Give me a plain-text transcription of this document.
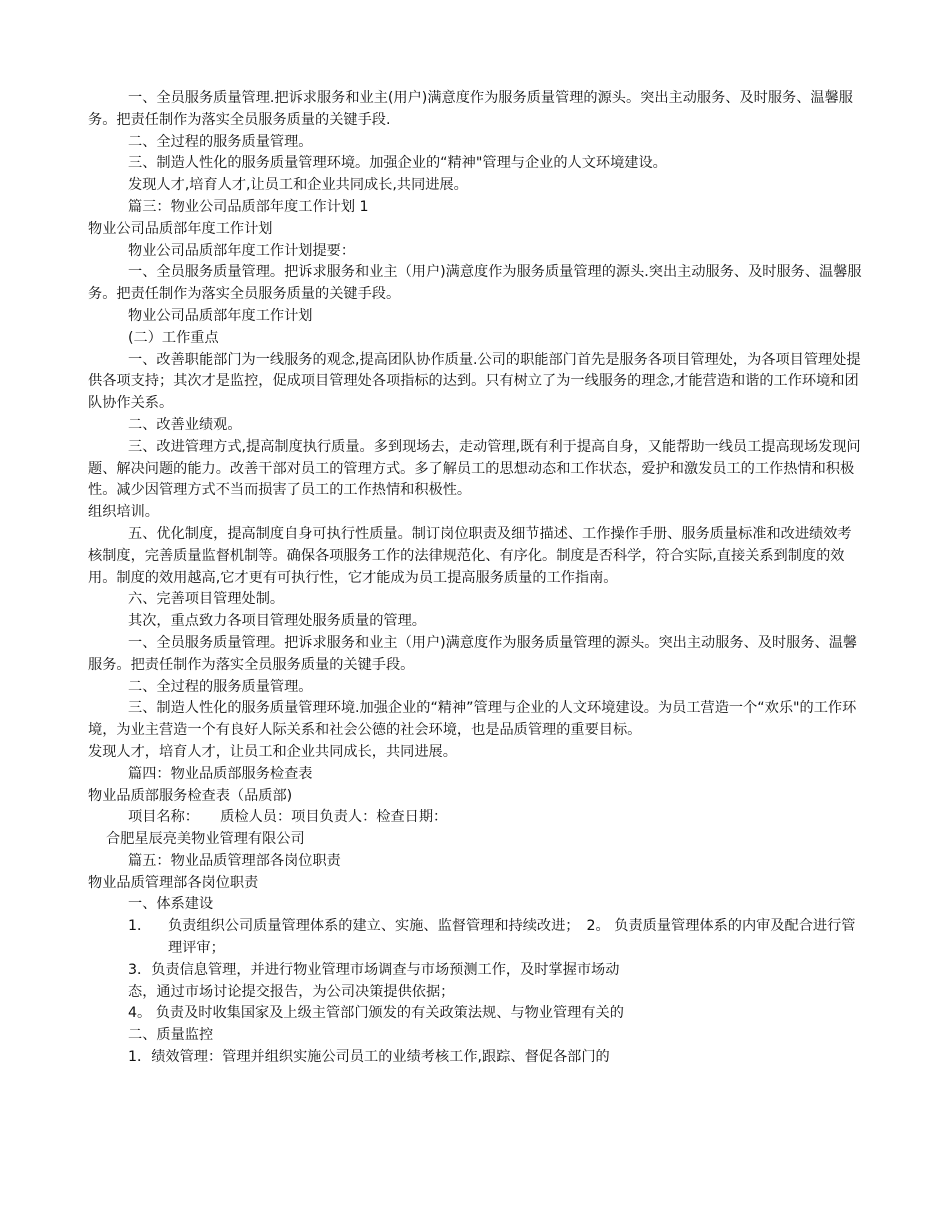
一、全员服务质量管理.把诉求服务和业主(用户)满意度作为服务质量管理的源头。突出主动服务、及时服务、温馨服务。把责任制作为落实全员服务质量的关键手段.

二、全过程的服务质量管理。

三、制造人性化的服务质量管理环境。加强企业的“精神"管理与企业的人文环境建设。

发现人才,培育人才,让员工和企业共同成长,共同进展。

篇三：物业公司品质部年度工作计划 1

物业公司品质部年度工作计划

物业公司品质部年度工作计划提要：

一、全员服务质量管理。把诉求服务和业主（用户)满意度作为服务质量管理的源头.突出主动服务、及时服务、温馨服务。把责任制作为落实全员服务质量的关键手段。

物业公司品质部年度工作计划

(二）工作重点

一、改善职能部门为一线服务的观念,提高团队协作质量.公司的职能部门首先是服务各项目管理处，为各项目管理处提供各项支持；其次才是监控，促成项目管理处各项指标的达到。只有树立了为一线服务的理念,才能营造和谐的工作环境和团队协作关系。

二、改善业绩观。

三、改进管理方式,提高制度执行质量。多到现场去，走动管理,既有利于提高自身，又能帮助一线员工提高现场发现问题、解决问题的能力。改善干部对员工的管理方式。多了解员工的思想动态和工作状态，爱护和激发员工的工作热情和积极性。减少因管理方式不当而损害了员工的工作热情和积极性。

组织培训。

五、优化制度，提高制度自身可执行性质量。制订岗位职责及细节描述、工作操作手册、服务质量标准和改进绩效考核制度，完善质量监督机制等。确保各项服务工作的法律规范化、有序化。制度是否科学，符合实际,直接关系到制度的效用。制度的效用越高,它才更有可执行性，它才能成为员工提高服务质量的工作指南。

六、完善项目管理处制。

其次，重点致力各项目管理处服务质量的管理。

一、全员服务质量管理。把诉求服务和业主（用户)满意度作为服务质量管理的源头。突出主动服务、及时服务、温馨服务。把责任制作为落实全员服务质量的关键手段。

二、全过程的服务质量管理。

三、制造人性化的服务质量管理环境.加强企业的“精神”管理与企业的人文环境建设。为员工营造一个“欢乐"的工作环境，为业主营造一个有良好人际关系和社会公德的社会环境，也是品质管理的重要目标。

发现人才，培育人才，让员工和企业共同成长，共同进展。

篇四：物业品质部服务检查表

物业品质部服务检查表（品质部)

项目名称：　　质检人员：项目负责人：检查日期：

合肥星辰亮美物业管理有限公司

篇五：物业品质管理部各岗位职责

物业品质管理部各岗位职责

一、体系建设

1．	负责组织公司质量管理体系的建立、实施、监督管理和持续改进；　2。 负责质量管理体系的内审及配合进行管理评审；

3．负责信息管理，并进行物业管理市场调查与市场预测工作，及时掌握市场动

态，通过市场讨论提交报告，为公司决策提供依据；

4。 负责及时收集国家及上级主管部门颁发的有关政策法规、与物业管理有关的

二、质量监控

1．绩效管理：管理并组织实施公司员工的业绩考核工作,跟踪、督促各部门的
